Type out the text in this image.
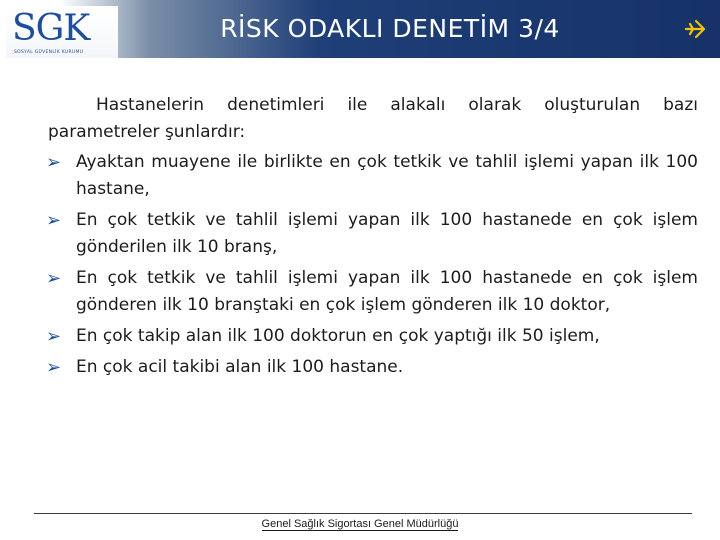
SGK
SOSYAL GÜVENLİK KURUMU
RİSK ODAKLI DENETİM 3/4

Hastanelerin denetimleri ile alakalı olarak oluşturulan bazı parametreler şunlardır:

➢ Ayaktan muayene ile birlikte en çok tetkik ve tahlil işlemi yapan ilk 100 hastane,
➢ En çok tetkik ve tahlil işlemi yapan ilk 100 hastanede en çok işlem gönderilen ilk 10 branş,
➢ En çok tetkik ve tahlil işlemi yapan ilk 100 hastanede en çok işlem gönderen ilk 10 branştaki en çok işlem gönderen ilk 10 doktor,
➢ En çok takip alan ilk 100 doktorun en çok yaptığı ilk 50 işlem,
➢ En çok acil takibi alan ilk 100 hastane.
Genel Sağlık Sigortası Genel Müdürlüğü
